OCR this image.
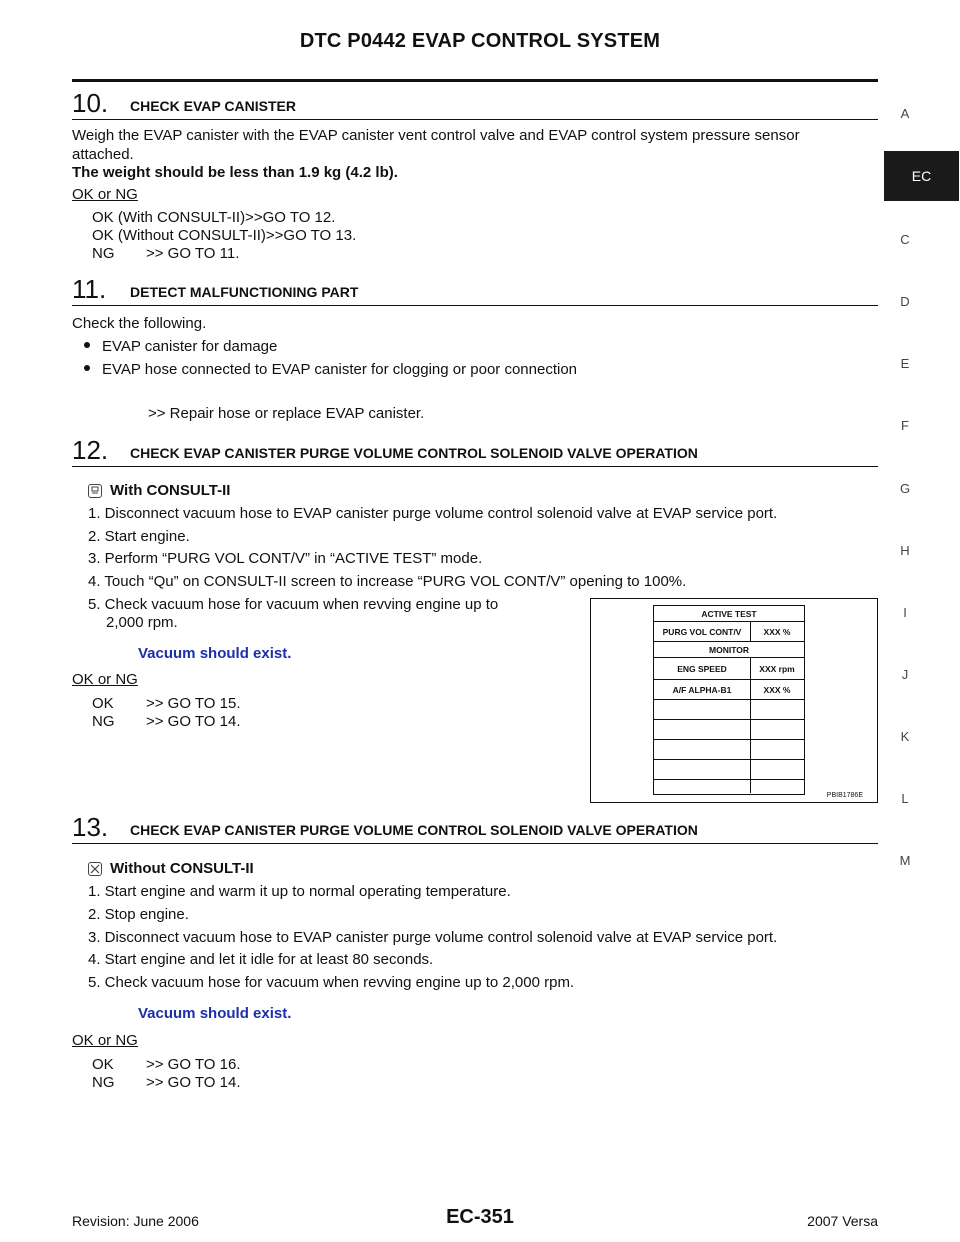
DTC P0442 EVAP CONTROL SYSTEM
A
EC
C
D
E
F
G
H
I
J
K
L
M
10. CHECK EVAP CANISTER
Weigh the EVAP canister with the EVAP canister vent control valve and EVAP control system pressure sensor
attached.
The weight should be less than 1.9 kg (4.2 lb).
OK or NG
OK (With CONSULT-II)>>GO TO 12.
OK (Without CONSULT-II)>>GO TO 13.
NG >> GO TO 11.
11. DETECT MALFUNCTIONING PART
Check the following.
EVAP canister for damage
EVAP hose connected to EVAP canister for clogging or poor connection
>> Repair hose or replace EVAP canister.
12. CHECK EVAP CANISTER PURGE VOLUME CONTROL SOLENOID VALVE OPERATION
With CONSULT-II
1. Disconnect vacuum hose to EVAP canister purge volume control solenoid valve at EVAP service port.
2. Start engine.
3. Perform “PURG VOL CONT/V” in “ACTIVE TEST” mode.
4. Touch “Qu” on CONSULT-II screen to increase “PURG VOL CONT/V” opening to 100%.
5. Check vacuum hose for vacuum when revving engine up to
2,000 rpm.
Vacuum should exist.
OK or NG
OK >> GO TO 15.
NG >> GO TO 14.
ACTIVE TEST
PURG VOL CONT/V	XXX %
MONITOR
ENG SPEED	XXX rpm
A/F ALPHA-B1	XXX %
PBIB1786E
13. CHECK EVAP CANISTER PURGE VOLUME CONTROL SOLENOID VALVE OPERATION
Without CONSULT-II
1. Start engine and warm it up to normal operating temperature.
2. Stop engine.
3. Disconnect vacuum hose to EVAP canister purge volume control solenoid valve at EVAP service port.
4. Start engine and let it idle for at least 80 seconds.
5. Check vacuum hose for vacuum when revving engine up to 2,000 rpm.
Vacuum should exist.
OK or NG
OK >> GO TO 16.
NG >> GO TO 14.
Revision: June 2006	EC-351	2007 Versa
